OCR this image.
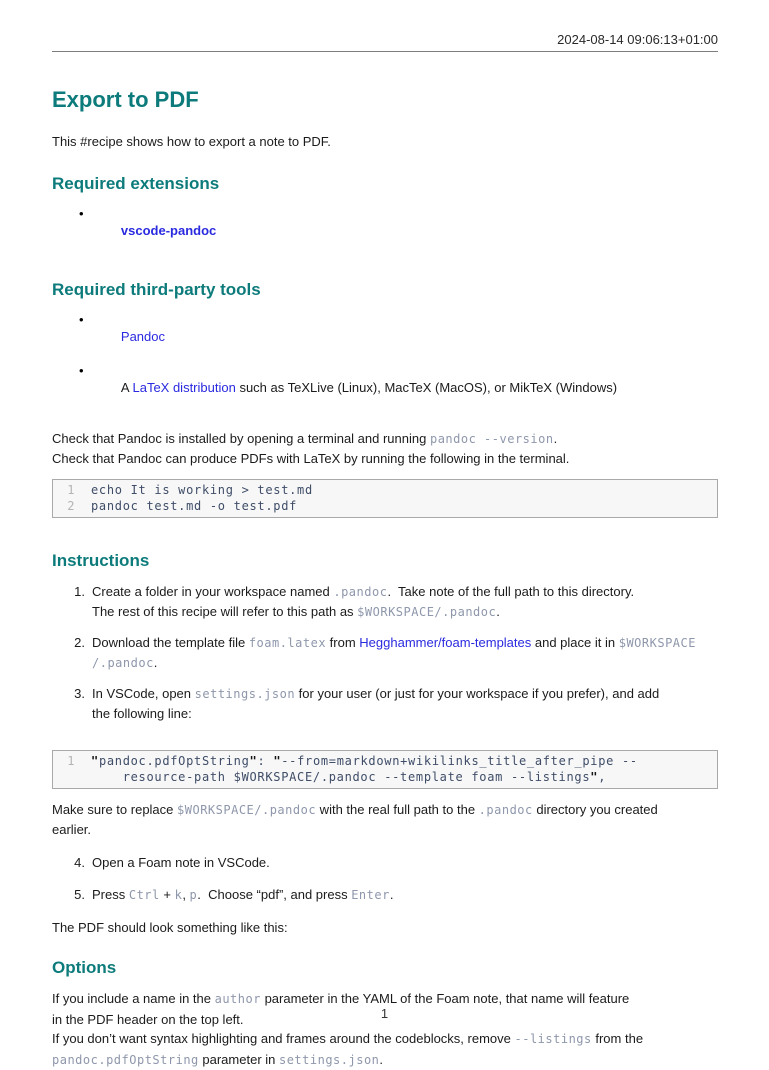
2024-08-14 09:06:13+01:00
Export to PDF
This #recipe shows how to export a note to PDF.
Required extensions

•
vscode-pandoc

Required third-party tools

•
Pandoc

•
A LaTeX distribution such as TeXLive (Linux), MacTeX (MacOS), or MikTeX (Windows)

Check that Pandoc is installed by opening a terminal and running pandoc --version.
Check that Pandoc can produce PDFs with LaTeX by running the following in the terminal.
1	echo It is working > test.md
2	pandoc test.md -o test.pdf
Instructions
1. Create a folder in your workspace named .pandoc.  Take note of the full path to this directory.
The rest of this recipe will refer to this path as $WORKSPACE/.pandoc.
2. Download the template file foam.latex from Hegghammer/foam-templates and place it in $WORKSPACE
/.pandoc.
3. In VSCode, open settings.json for your user (or just for your workspace if you prefer), and add
the following line:
1	"pandoc.pdfOptString": "--from=markdown+wikilinks_title_after_pipe --
resource-path $WORKSPACE/.pandoc --template foam --listings",
Make sure to replace $WORKSPACE/.pandoc with the real full path to the .pandoc directory you created
earlier.
4. Open a Foam note in VSCode.
5. Press Ctrl + k, p.  Choose “pdf”, and press Enter.
The PDF should look something like this:
Options
If you include a name in the author parameter in the YAML of the Foam note, that name will feature
in the PDF header on the top left.
If you don’t want syntax highlighting and frames around the codeblocks, remove --listings from the
pandoc.pdfOptString parameter in settings.json.
1
